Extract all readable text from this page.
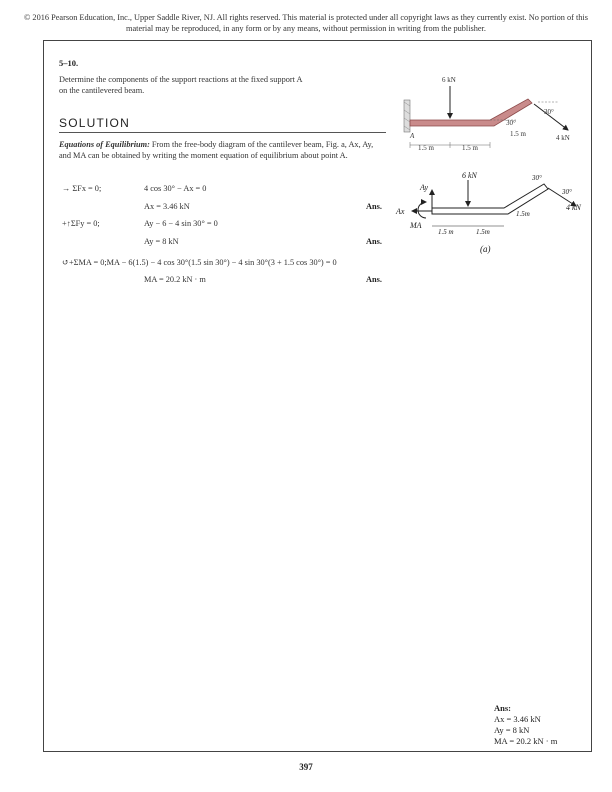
© 2016 Pearson Education, Inc., Upper Saddle River, NJ. All rights reserved. This material is protected under all copyright laws as they currently exist. No portion of this material may be reproduced, in any form or by any means, without permission in writing from the publisher.
5–10.
Determine the components of the support reactions at the fixed support A on the cantilevered beam.
6 kN
4 kN
30°
30°
1.5 m	1.5 m
1.5 m
A
Ay
Ax
MA
6 kN
4 kN
30°
30°
1.5 m	1.5m
1.5m
(a)
SOLUTION
Equations of Equilibrium: From the free-body diagram of the cantilever beam, Fig. a, Ax, Ay, and MA can be obtained by writing the moment equation of equilibrium about point A.
→ ΣFx = 0;	4 cos 30° − Ax = 0
Ax = 3.46 kN	Ans.
+↑ΣFy = 0;	Ay − 6 − 4 sin 30° = 0
Ay = 8 kN	Ans.
↺+ΣMA = 0;MA − 6(1.5) − 4 cos 30°(1.5 sin 30°) − 4 sin 30°(3 + 1.5 cos 30°) = 0
MA = 20.2 kN · m	Ans.
Ans:
Ax = 3.46 kN
Ay = 8 kN
MA = 20.2 kN · m
397
